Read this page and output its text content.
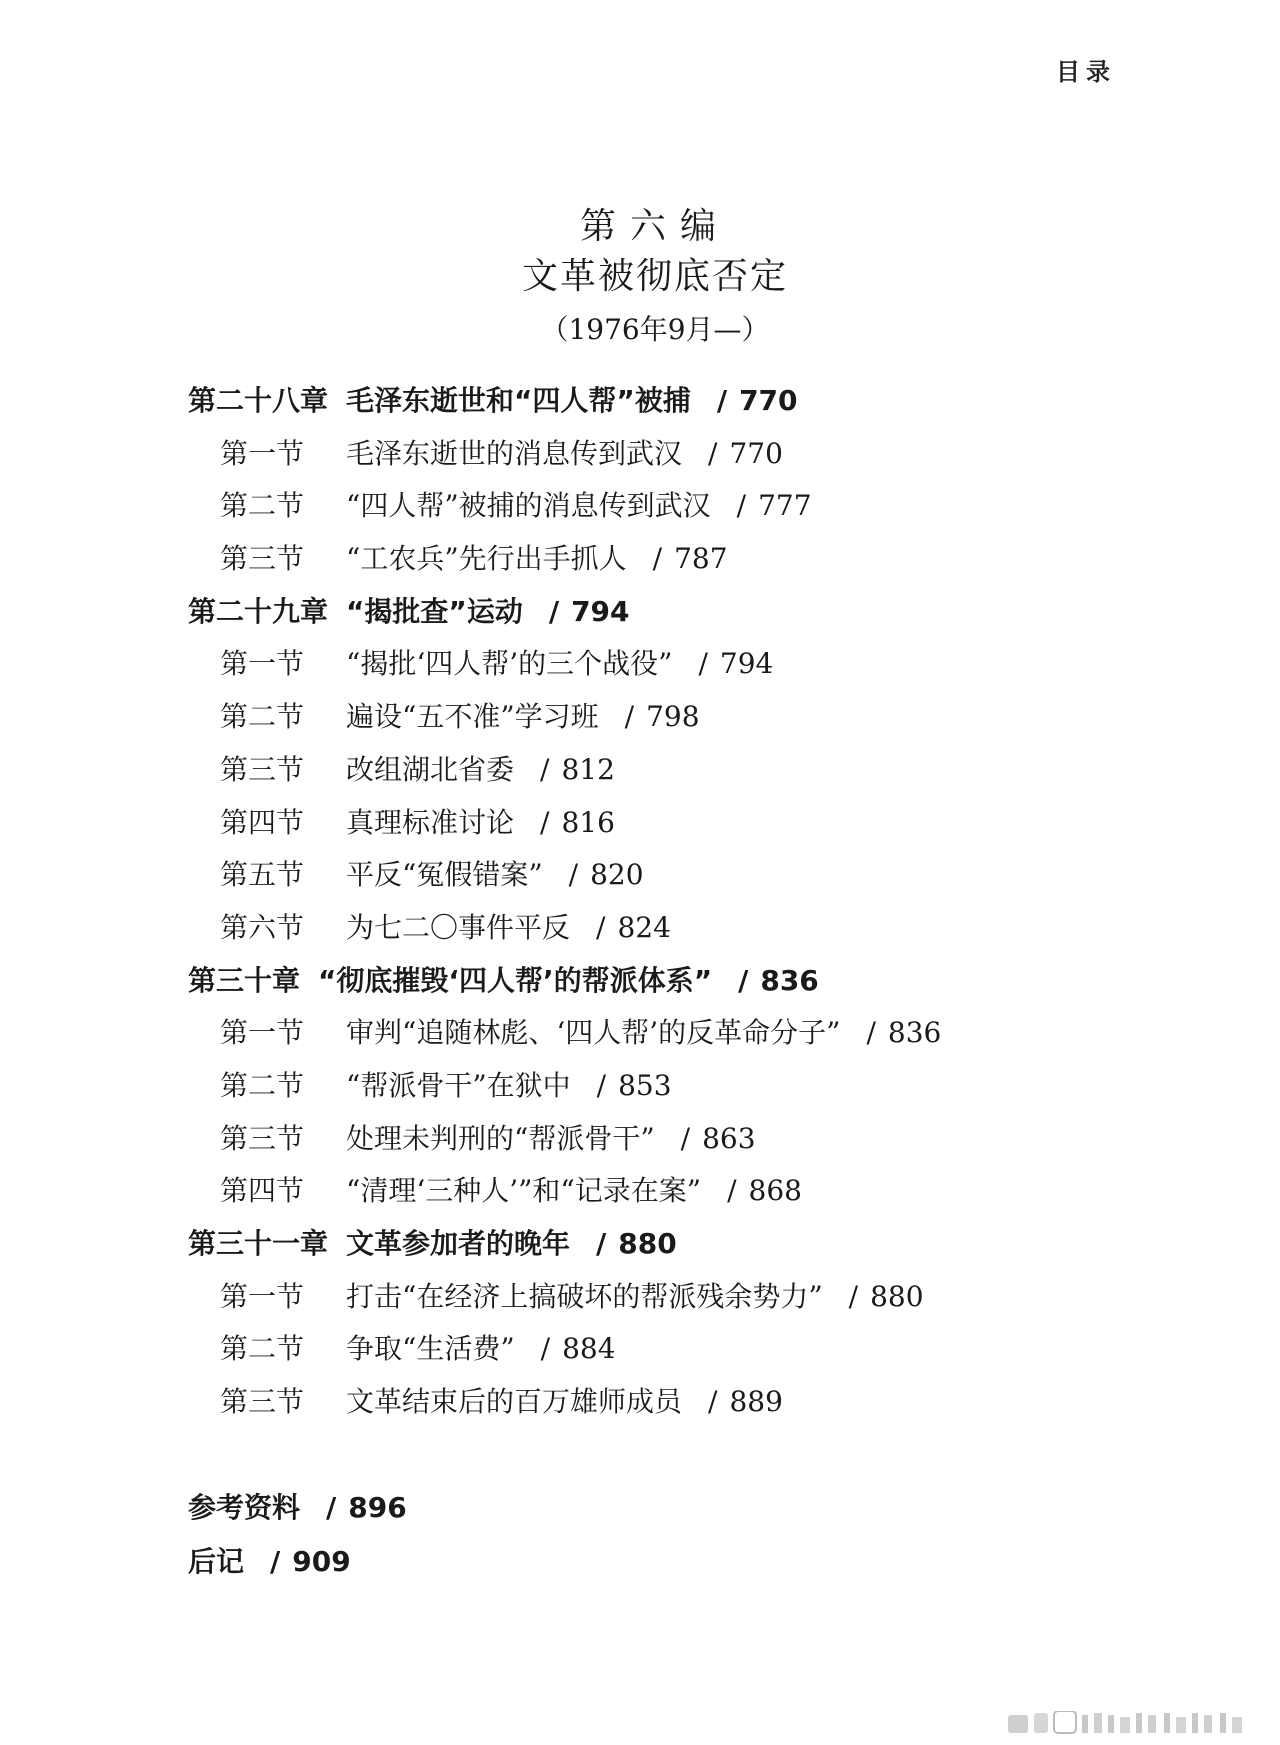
目录
第六编
文革被彻底否定
（1976年9月—）
第二十八章 毛泽东逝世和“四人帮”被捕 / 770
第一节	毛泽东逝世的消息传到武汉 / 770
第二节	“四人帮”被捕的消息传到武汉 / 777
第三节	“工农兵”先行出手抓人 / 787
第二十九章 “揭批查”运动 / 794
第一节	“揭批‘四人帮’的三个战役” / 794
第二节	遍设“五不准”学习班 / 798
第三节	改组湖北省委 / 812
第四节	真理标准讨论 / 816
第五节	平反“冤假错案” / 820
第六节	为七二〇事件平反 / 824
第三十章 “彻底摧毁‘四人帮’的帮派体系” / 836
第一节	审判“追随林彪、‘四人帮’的反革命分子” / 836
第二节	“帮派骨干”在狱中 / 853
第三节	处理未判刑的“帮派骨干” / 863
第四节	“清理‘三种人’”和“记录在案” / 868
第三十一章 文革参加者的晚年 / 880
第一节	打击“在经济上搞破坏的帮派残余势力” / 880
第二节	争取“生活费” / 884
第三节	文革结束后的百万雄师成员 / 889
参考资料 / 896
后记 / 909
